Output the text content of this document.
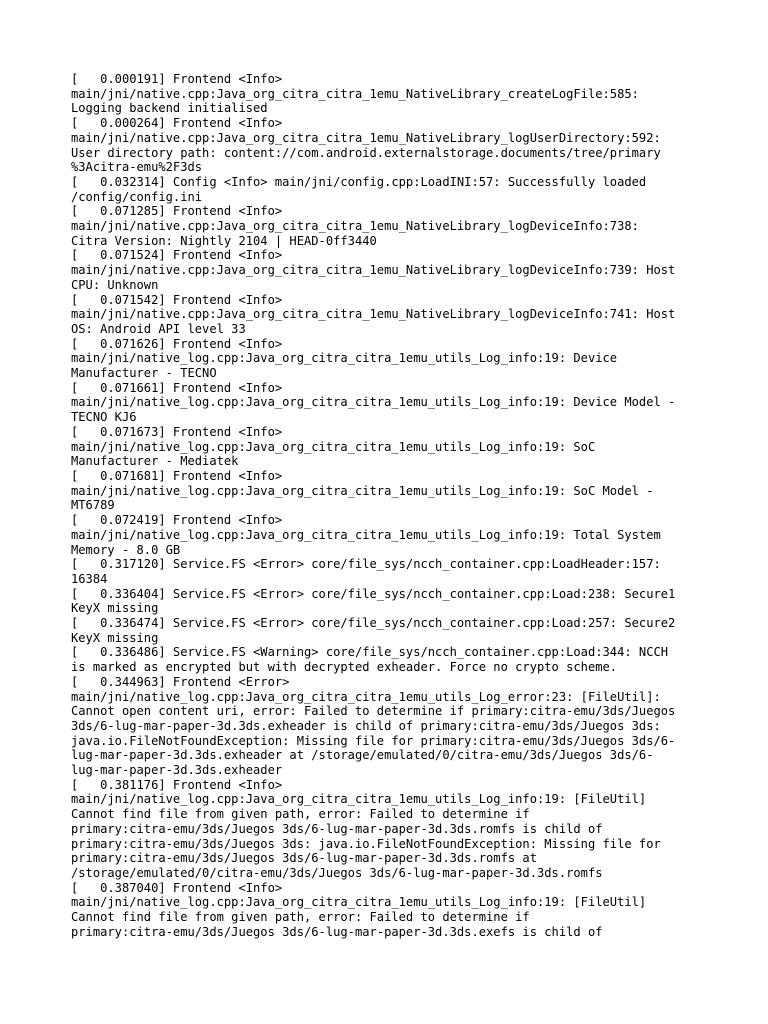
[   0.000191] Frontend <Info>
main/jni/native.cpp:Java_org_citra_citra_1emu_NativeLibrary_createLogFile:585:
Logging backend initialised
[   0.000264] Frontend <Info>
main/jni/native.cpp:Java_org_citra_citra_1emu_NativeLibrary_logUserDirectory:592:
User directory path: content://com.android.externalstorage.documents/tree/primary
%3Acitra-emu%2F3ds
[   0.032314] Config <Info> main/jni/config.cpp:LoadINI:57: Successfully loaded
/config/config.ini
[   0.071285] Frontend <Info>
main/jni/native.cpp:Java_org_citra_citra_1emu_NativeLibrary_logDeviceInfo:738:
Citra Version: Nightly 2104 | HEAD-0ff3440
[   0.071524] Frontend <Info>
main/jni/native.cpp:Java_org_citra_citra_1emu_NativeLibrary_logDeviceInfo:739: Host
CPU: Unknown
[   0.071542] Frontend <Info>
main/jni/native.cpp:Java_org_citra_citra_1emu_NativeLibrary_logDeviceInfo:741: Host
OS: Android API level 33
[   0.071626] Frontend <Info>
main/jni/native_log.cpp:Java_org_citra_citra_1emu_utils_Log_info:19: Device
Manufacturer - TECNO
[   0.071661] Frontend <Info>
main/jni/native_log.cpp:Java_org_citra_citra_1emu_utils_Log_info:19: Device Model -
TECNO KJ6
[   0.071673] Frontend <Info>
main/jni/native_log.cpp:Java_org_citra_citra_1emu_utils_Log_info:19: SoC
Manufacturer - Mediatek
[   0.071681] Frontend <Info>
main/jni/native_log.cpp:Java_org_citra_citra_1emu_utils_Log_info:19: SoC Model -
MT6789
[   0.072419] Frontend <Info>
main/jni/native_log.cpp:Java_org_citra_citra_1emu_utils_Log_info:19: Total System
Memory - 8.0 GB
[   0.317120] Service.FS <Error> core/file_sys/ncch_container.cpp:LoadHeader:157:
16384
[   0.336404] Service.FS <Error> core/file_sys/ncch_container.cpp:Load:238: Secure1
KeyX missing
[   0.336474] Service.FS <Error> core/file_sys/ncch_container.cpp:Load:257: Secure2
KeyX missing
[   0.336486] Service.FS <Warning> core/file_sys/ncch_container.cpp:Load:344: NCCH
is marked as encrypted but with decrypted exheader. Force no crypto scheme.
[   0.344963] Frontend <Error>
main/jni/native_log.cpp:Java_org_citra_citra_1emu_utils_Log_error:23: [FileUtil]:
Cannot open content uri, error: Failed to determine if primary:citra-emu/3ds/Juegos
3ds/6-lug-mar-paper-3d.3ds.exheader is child of primary:citra-emu/3ds/Juegos 3ds:
java.io.FileNotFoundException: Missing file for primary:citra-emu/3ds/Juegos 3ds/6-
lug-mar-paper-3d.3ds.exheader at /storage/emulated/0/citra-emu/3ds/Juegos 3ds/6-
lug-mar-paper-3d.3ds.exheader
[   0.381176] Frontend <Info>
main/jni/native_log.cpp:Java_org_citra_citra_1emu_utils_Log_info:19: [FileUtil]
Cannot find file from given path, error: Failed to determine if
primary:citra-emu/3ds/Juegos 3ds/6-lug-mar-paper-3d.3ds.romfs is child of
primary:citra-emu/3ds/Juegos 3ds: java.io.FileNotFoundException: Missing file for
primary:citra-emu/3ds/Juegos 3ds/6-lug-mar-paper-3d.3ds.romfs at
/storage/emulated/0/citra-emu/3ds/Juegos 3ds/6-lug-mar-paper-3d.3ds.romfs
[   0.387040] Frontend <Info>
main/jni/native_log.cpp:Java_org_citra_citra_1emu_utils_Log_info:19: [FileUtil]
Cannot find file from given path, error: Failed to determine if
primary:citra-emu/3ds/Juegos 3ds/6-lug-mar-paper-3d.3ds.exefs is child of
